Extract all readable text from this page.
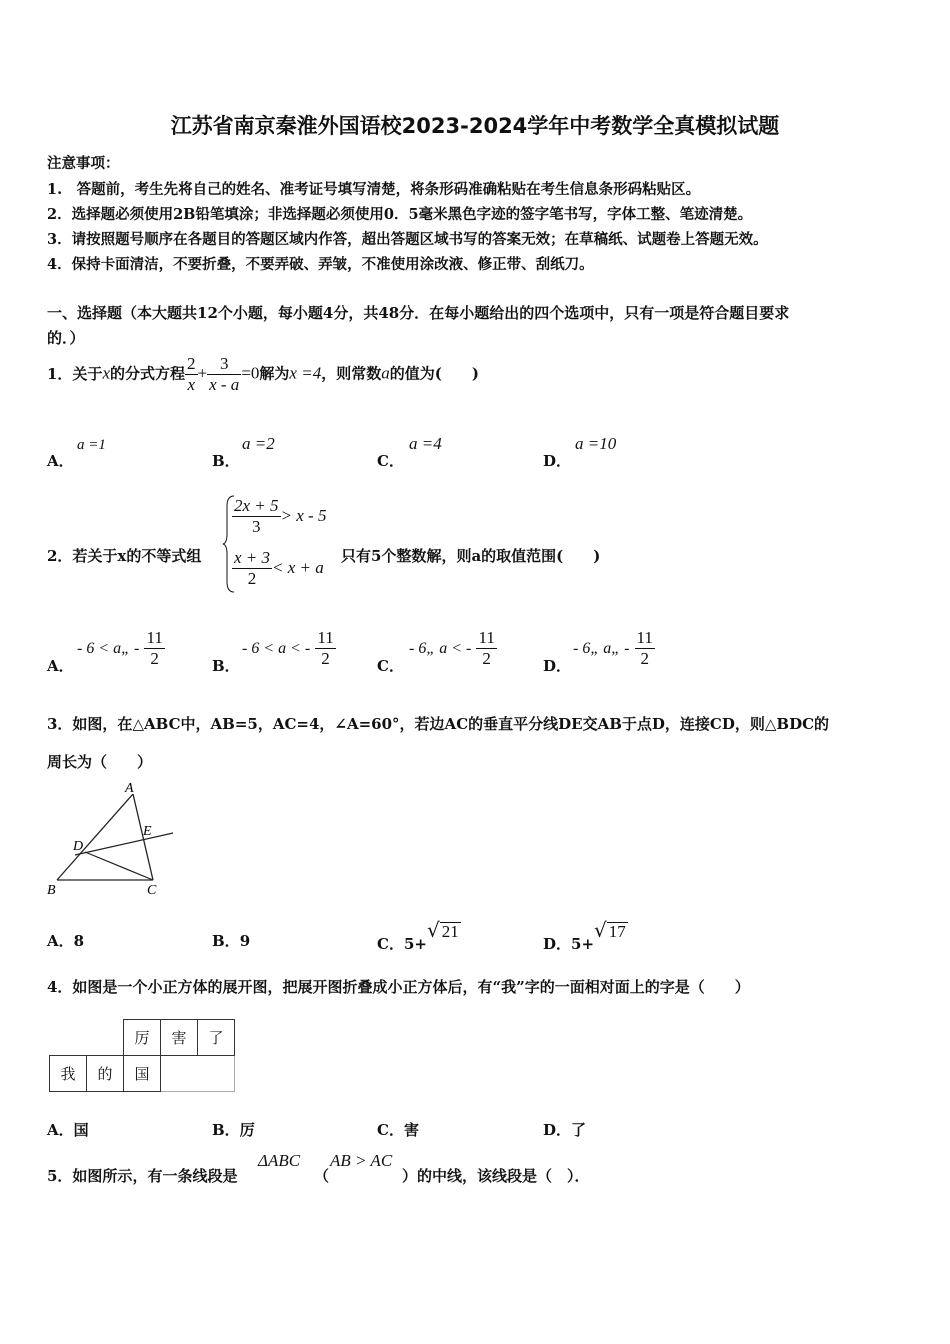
江苏省南京秦淮外国语校2023-2024学年中考数学全真模拟试题
注意事项：
1.　答题前，考生先将自己的姓名、准考证号填写清楚，将条形码准确粘贴在考生信息条形码粘贴区。
2．选择题必须使用2B铅笔填涂；非选择题必须使用0．5毫米黑色字迹的签字笔书写，字体工整、笔迹清楚。
3．请按照题号顺序在各题目的答题区域内作答，超出答题区域书写的答案无效；在草稿纸、试题卷上答题无效。
4．保持卡面清洁，不要折叠，不要弄破、弄皱，不准使用涂改液、修正带、刮纸刀。
一、选择题（本大题共12个小题，每小题4分，共48分．在每小题给出的四个选项中，只有一项是符合题目要求
的．）
1．关于x的分式方程 $\frac{2}{x} + \frac{3}{x - a} =0$解为x =4，则常数a的值为(　　)
A．
a =1
B．
a =2
C．
a =4
D．
a =10
2．若关于x的不等式组
$\frac{2x + 5}{3} > x - 5$
$\frac{x + 3}{2} < x + a$
只有5个整数解，则a的取值范围(　　)
A．
- 6 < a„ - $\frac{11}{2}$	B．
- 6 < a < - $\frac{11}{2}$	C．
- 6„ a < - $\frac{11}{2}$	D．
- 6„ a„ - $\frac{11}{2}$
3．如图，在△ABC中，AB=5，AC=4，∠A=60°，若边AC的垂直平分线DE交AB于点D，连接CD，则△BDC的
周长为（　　）
A
E
D
B	C
A．8	B．9	C．5+√ 21
D．5+√ 17
4．如图是一个小正方体的展开图，把展开图折叠成小正方体后，有“我”字的一面相对面上的字是（　　）
		厉	害	了
我	的	国		
A．国	B．厉	C．害	D．了
5．如图所示，有一条线段是
ΔABC
（
AB > AC
）的中线，该线段是（　）．
